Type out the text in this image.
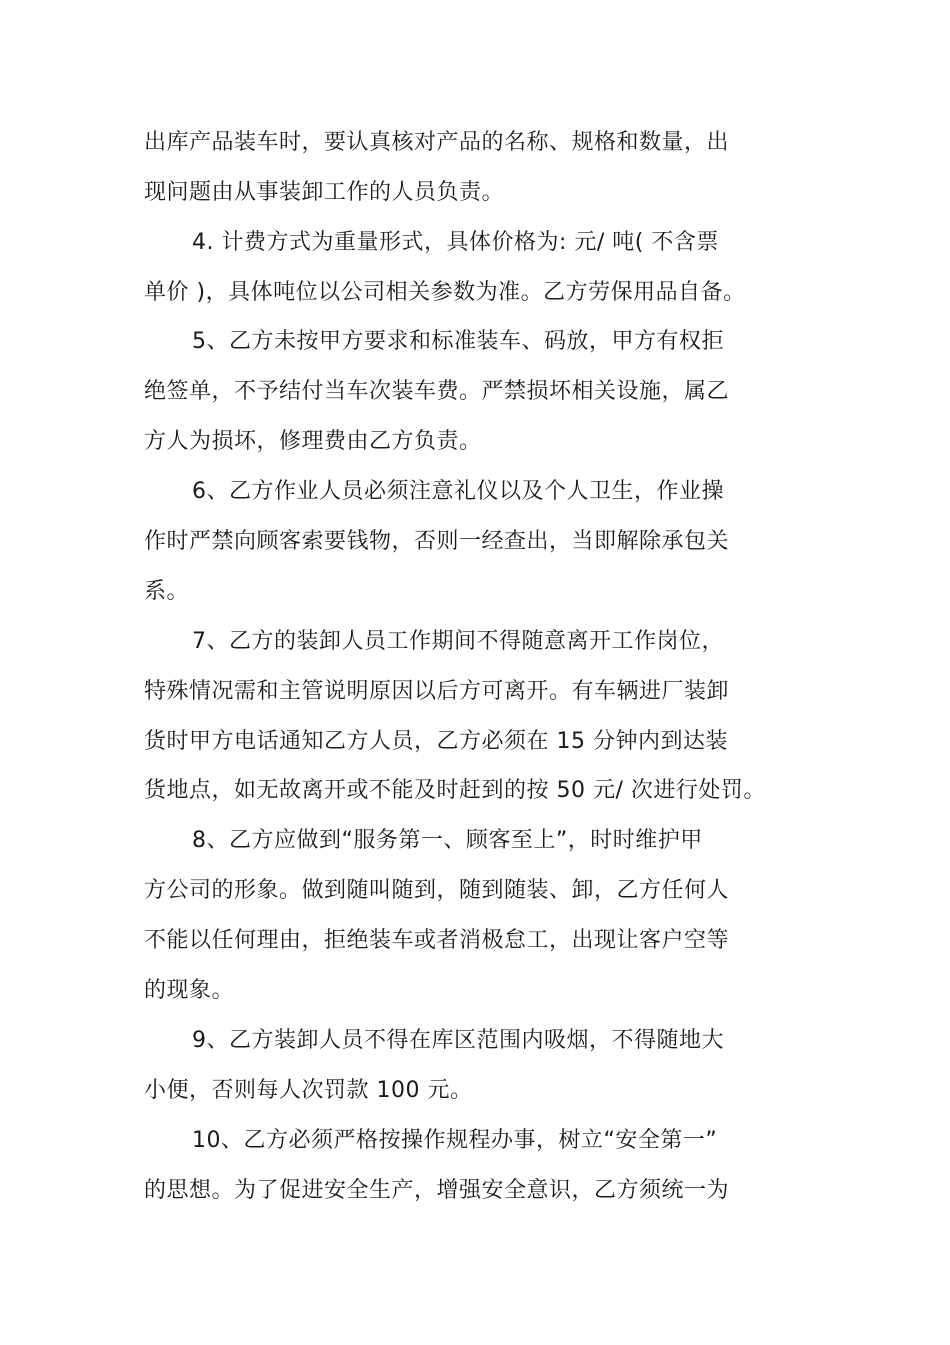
出库产品装车时，要认真核对产品的名称、规格和数量，出
现问题由从事装卸工作的人员负责。
4. 计费方式为重量形式，具体价格为: 元/ 吨( 不含票
单价 )，具体吨位以公司相关参数为准。乙方劳保用品自备。
5、乙方未按甲方要求和标准装车、码放，甲方有权拒
绝签单，不予结付当车次装车费。严禁损坏相关设施，属乙
方人为损坏，修理费由乙方负责。
6、乙方作业人员必须注意礼仪以及个人卫生，作业操
作时严禁向顾客索要钱物，否则一经查出，当即解除承包关
系。
7、乙方的装卸人员工作期间不得随意离开工作岗位，
特殊情况需和主管说明原因以后方可离开。有车辆进厂装卸
货时甲方电话通知乙方人员，乙方必须在 15 分钟内到达装
货地点，如无故离开或不能及时赶到的按 50 元/ 次进行处罚。
8、乙方应做到“服务第一、顾客至上”，时时维护甲
方公司的形象。做到随叫随到，随到随装、卸，乙方任何人
不能以任何理由，拒绝装车或者消极怠工，出现让客户空等
的现象。
9、乙方装卸人员不得在库区范围内吸烟，不得随地大
小便，否则每人次罚款 100 元。
10、乙方必须严格按操作规程办事，树立“安全第一”
的思想。为了促进安全生产，增强安全意识，乙方须统一为
